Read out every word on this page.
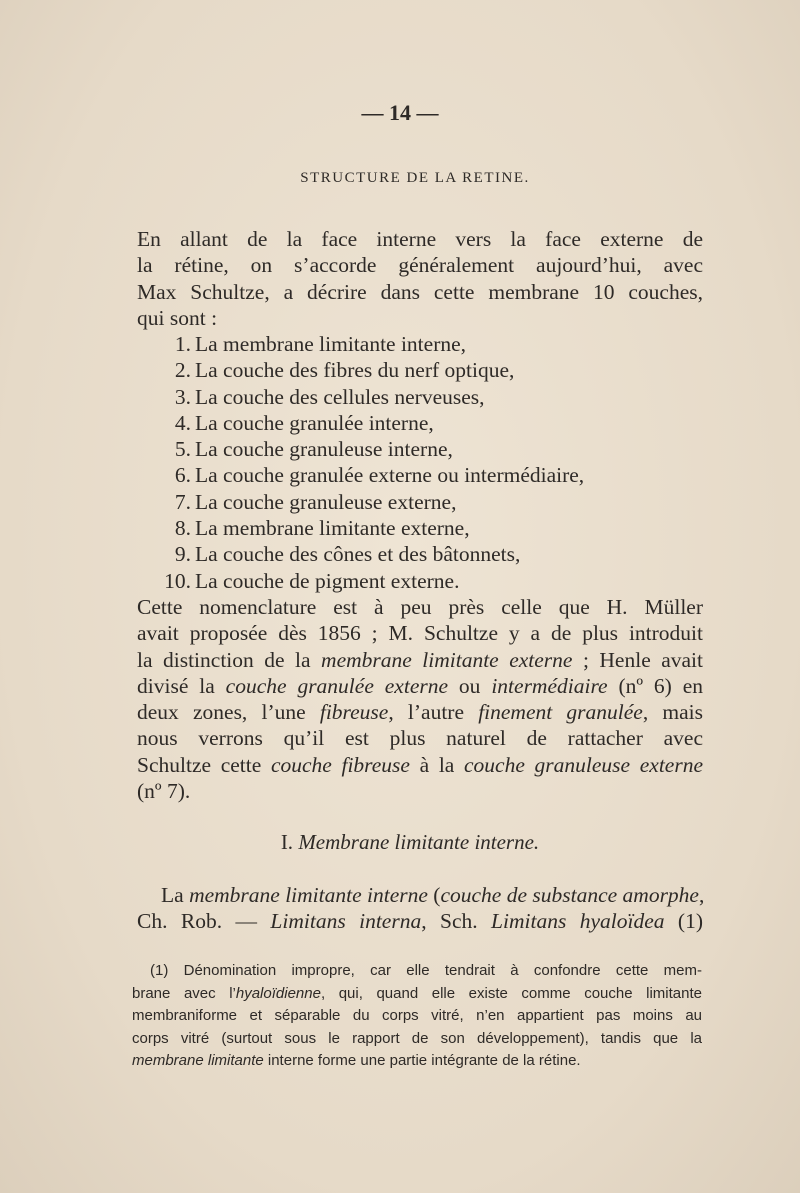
— 14 —
STRUCTURE DE LA RETINE.
En allant de la face interne vers la face externe de
la rétine, on s’accorde généralement aujourd’hui, avec
Max Schultze, a décrire dans cette membrane 10 couches,
qui sont :
1. La membrane limitante interne,
2. La couche des fibres du nerf optique,
3. La couche des cellules nerveuses,
4. La couche granulée interne,
5. La couche granuleuse interne,
6. La couche granulée externe ou intermédiaire,
7. La couche granuleuse externe,
8. La membrane limitante externe,
9. La couche des cônes et des bâtonnets,
10. La couche de pigment externe.
Cette nomenclature est à peu près celle que H. Müller
avait proposée dès 1856 ; M. Schultze y a de plus introduit
la distinction de la membrane limitante externe ; Henle avait
divisé la couche granulée externe ou intermédiaire (nº 6) en
deux zones, l’une fibreuse, l’autre finement granulée, mais
nous verrons qu’il est plus naturel de rattacher avec
Schultze cette couche fibreuse à la couche granuleuse externe
(nº 7).
I. Membrane limitante interne.
La membrane limitante interne (couche de substance amorphe,
Ch. Rob. — Limitans interna, Sch. Limitans hyaloïdea (1)
(1) Dénomination impropre, car elle tendrait à confondre cette mem-
brane avec l’hyaloïdienne, qui, quand elle existe comme couche limitante
membraniforme et séparable du corps vitré, n’en appartient pas moins au
corps vitré (surtout sous le rapport de son développement), tandis que la
membrane limitante interne forme une partie intégrante de la rétine.
